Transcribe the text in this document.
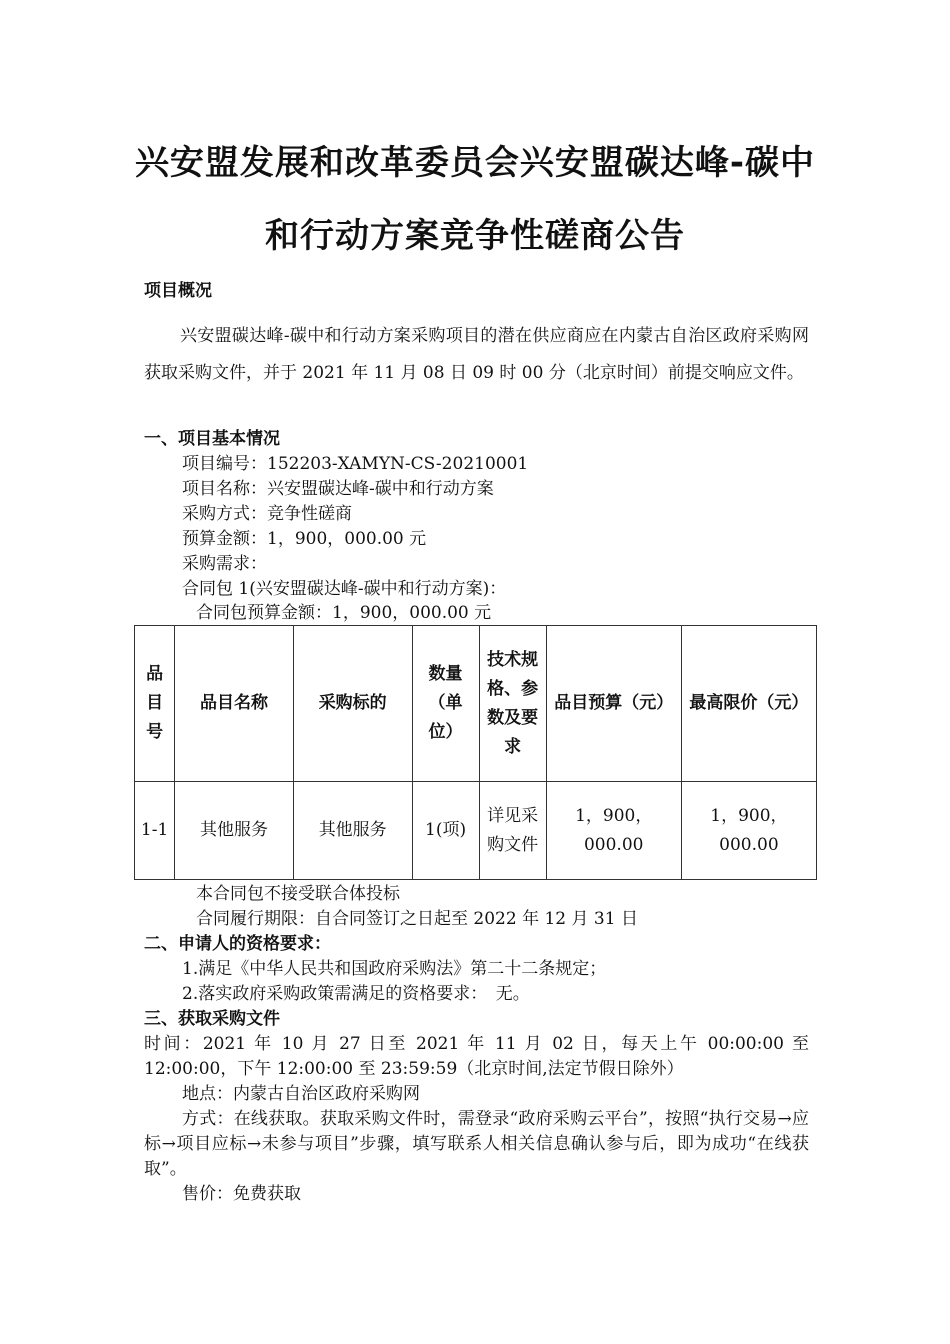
兴安盟发展和改革委员会兴安盟碳达峰-碳中
和行动方案竞争性磋商公告
项目概况
兴安盟碳达峰-碳中和行动方案采购项目的潜在供应商应在内蒙古自治区政府采购网获取采购文件，并于 2021 年 11 月 08 日 09 时 00 分（北京时间）前提交响应文件。
一、项目基本情况
项目编号：152203-XAMYN-CS-20210001
项目名称：兴安盟碳达峰-碳中和行动方案
采购方式：竞争性磋商
预算金额：1，900，000.00 元
采购需求：
合同包 1(兴安盟碳达峰-碳中和行动方案)：
合同包预算金额：1，900，000.00 元
品目号	品目名称	采购标的	数量（单位）	技术规格、参数及要求	品目预算（元）	最高限价（元）
1-1	其他服务	其他服务	1(项)	详见采购文件	1，900，000.00	1，900，000.00
本合同包不接受联合体投标
合同履行期限：自合同签订之日起至 2022 年 12 月 31 日
二、申请人的资格要求：
1.满足《中华人民共和国政府采购法》第二十二条规定；
2.落实政府采购政策需满足的资格要求：　无。
三、获取采购文件
时间：2021 年 10 月 27 日至 2021 年 11 月 02 日，每天上午 00:00:00 至 12:00:00，下午 12:00:00 至 23:59:59（北京时间,法定节假日除外）
地点：内蒙古自治区政府采购网
方式：在线获取。获取采购文件时，需登录“政府采购云平台”，按照“执行交易→应标→项目应标→未参与项目”步骤，填写联系人相关信息确认参与后，即为成功“在线获取”。
售价：免费获取
